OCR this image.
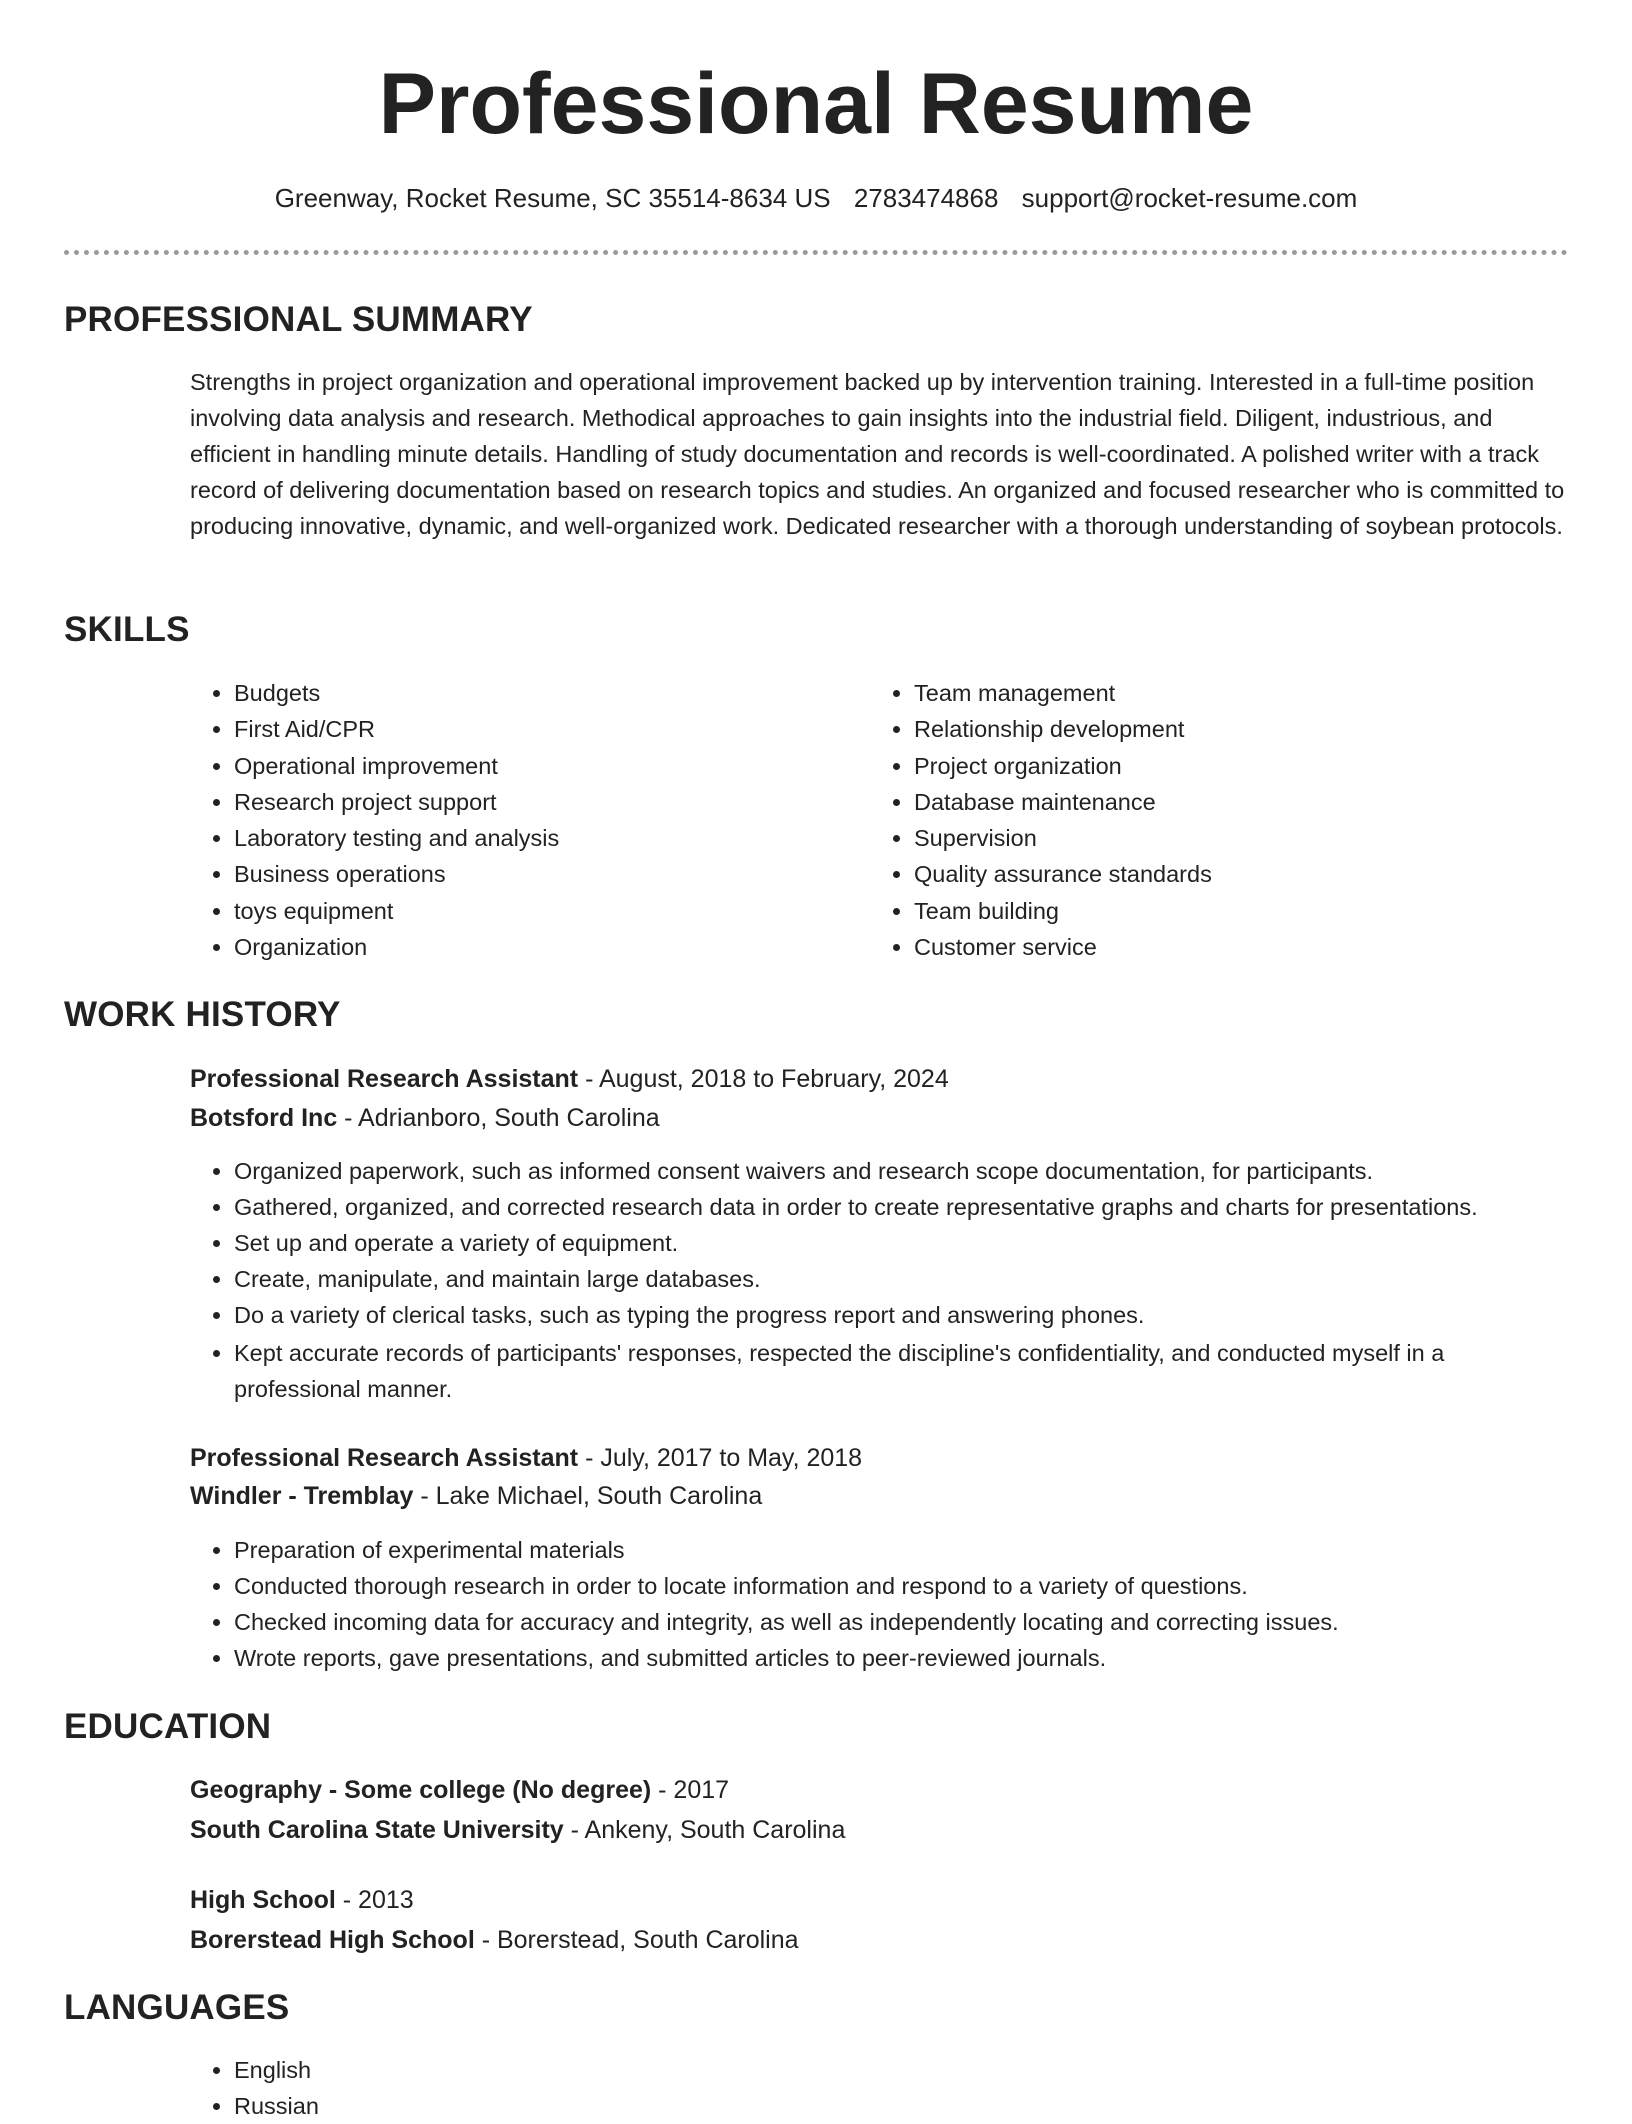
Professional Resume
Greenway, Rocket Resume, SC 35514-8634 US 2783474868 support@rocket-resume.com
PROFESSIONAL SUMMARY

Strengths in project organization and operational improvement backed up by intervention training. Interested in a full-time position involving data analysis and research. Methodical approaches to gain insights into the industrial field. Diligent, industrious, and efficient in handling minute details. Handling of study documentation and records is well-coordinated. A polished writer with a track record of delivering documentation based on research topics and studies. An organized and focused researcher who is committed to producing innovative, dynamic, and well-organized work. Dedicated researcher with a thorough understanding of soybean protocols.

SKILLS
• Budgets
• First Aid/CPR
• Operational improvement
• Research project support
• Laboratory testing and analysis
• Business operations
• toys equipment
• Organization
• Team management
• Relationship development
• Project organization
• Database maintenance
• Supervision
• Quality assurance standards
• Team building
• Customer service
WORK HISTORY
Professional Research Assistant - August, 2018 to February, 2024
Botsford Inc - Adrianboro, South Carolina
• Organized paperwork, such as informed consent waivers and research scope documentation, for participants.
• Gathered, organized, and corrected research data in order to create representative graphs and charts for presentations.
• Set up and operate a variety of equipment.
• Create, manipulate, and maintain large databases.
• Do a variety of clerical tasks, such as typing the progress report and answering phones.
• Kept accurate records of participants' responses, respected the discipline's confidentiality, and conducted myself in a professional manner.
Professional Research Assistant - July, 2017 to May, 2018
Windler - Tremblay - Lake Michael, South Carolina
• Preparation of experimental materials
• Conducted thorough research in order to locate information and respond to a variety of questions.
• Checked incoming data for accuracy and integrity, as well as independently locating and correcting issues.
• Wrote reports, gave presentations, and submitted articles to peer-reviewed journals.
EDUCATION
Geography - Some college (No degree) - 2017
South Carolina State University - Ankeny, South Carolina
High School - 2013
Borerstead High School - Borerstead, South Carolina
LANGUAGES
• English
• Russian
